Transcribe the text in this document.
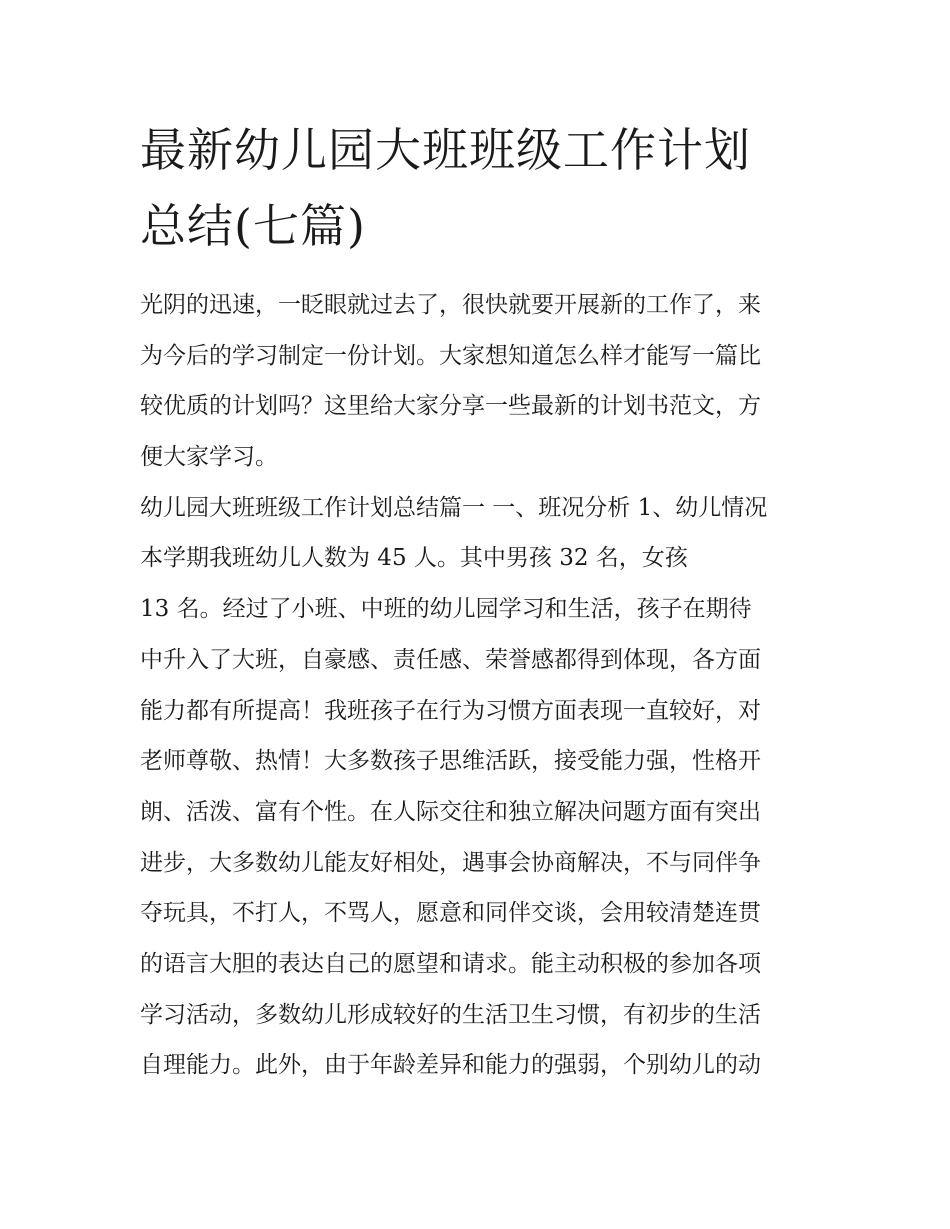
最新幼儿园大班班级工作计划
总结(七篇)
光阴的迅速，一眨眼就过去了，很快就要开展新的工作了，来
为今后的学习制定一份计划。大家想知道怎么样才能写一篇比
较优质的计划吗？这里给大家分享一些最新的计划书范文，方
便大家学习。
幼儿园大班班级工作计划总结篇一 一、班况分析 1、幼儿情况
本学期我班幼儿人数为 45 人。其中男孩 32 名，女孩
13 名。经过了小班、中班的幼儿园学习和生活，孩子在期待
中升入了大班，自豪感、责任感、荣誉感都得到体现，各方面
能力都有所提高！我班孩子在行为习惯方面表现一直较好，对
老师尊敬、热情！大多数孩子思维活跃，接受能力强，性格开
朗、活泼、富有个性。在人际交往和独立解决问题方面有突出
进步，大多数幼儿能友好相处，遇事会协商解决，不与同伴争
夺玩具，不打人，不骂人，愿意和同伴交谈，会用较清楚连贯
的语言大胆的表达自己的愿望和请求。能主动积极的参加各项
学习活动，多数幼儿形成较好的生活卫生习惯，有初步的生活
自理能力。此外，由于年龄差异和能力的强弱，个别幼儿的动
